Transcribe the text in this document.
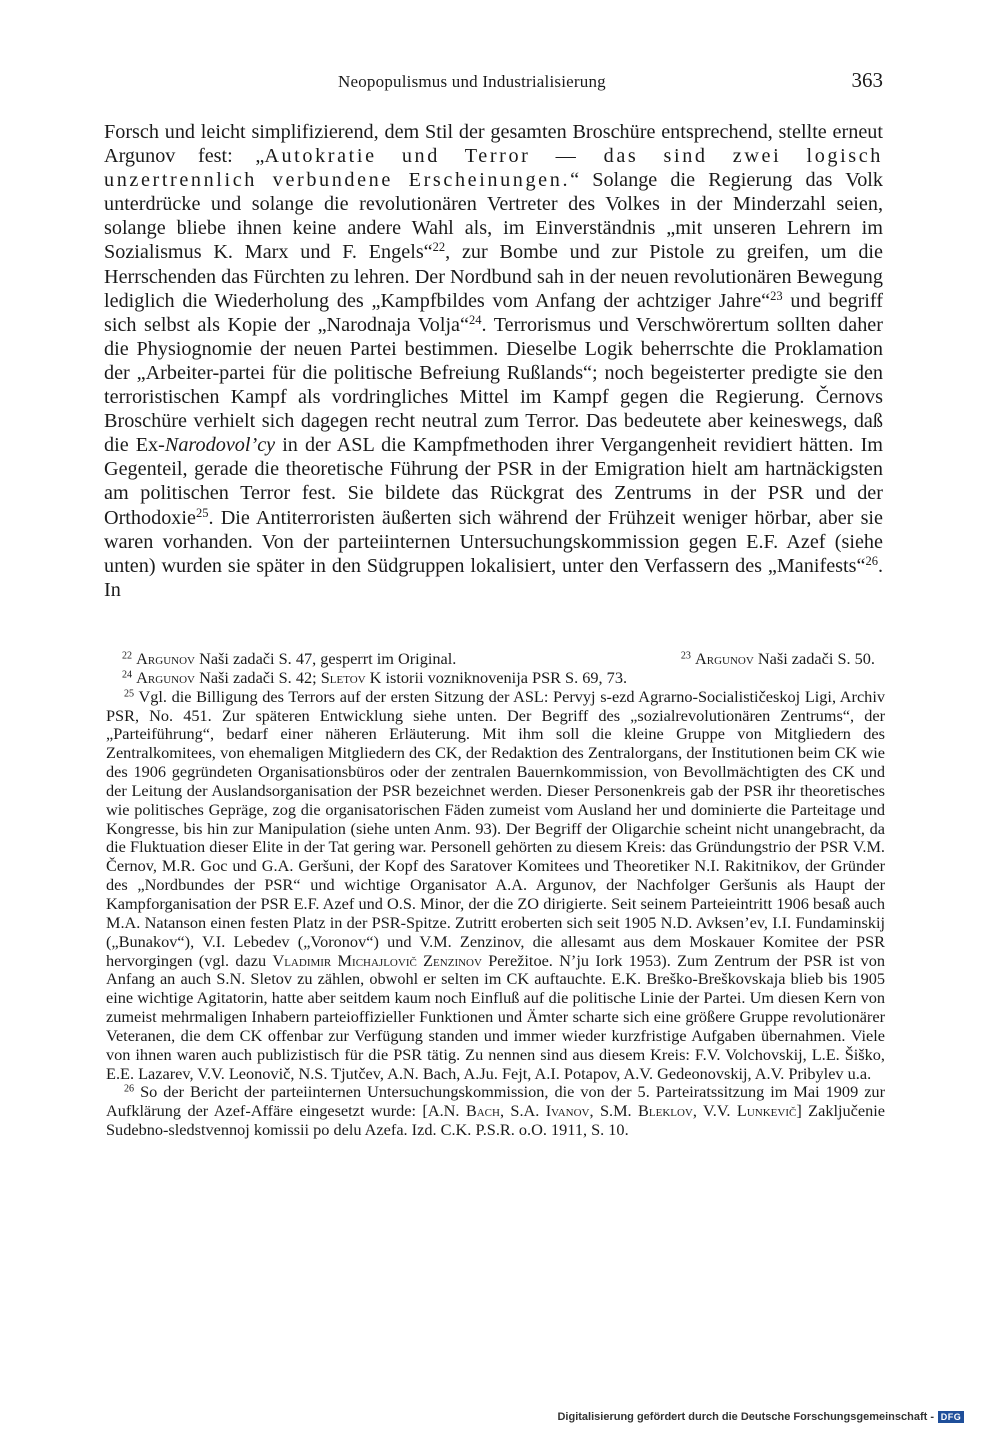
Neopopulismus und Industrialisierung	363

Forsch und leicht simplifizierend, dem Stil der gesamten Broschüre entsprechend, stellte erneut Argunov fest: „Autokratie und Terror — das sind zwei logisch unzertrennlich verbundene Erscheinungen.“ Solange die Regierung das Volk unterdrücke und solange die revolutionären Vertreter des Volkes in der Minderzahl seien, solange bliebe ihnen keine andere Wahl als, im Einverständnis „mit unseren Lehrern im Sozialismus K. Marx und F. Engels“$^{22}$, zur Bombe und zur Pistole zu greifen, um die Herrschenden das Fürchten zu lehren. Der Nordbund sah in der neuen revolutionären Bewegung lediglich die Wiederholung des „Kampfbildes vom Anfang der achtziger Jahre“$^{23}$ und begriff sich selbst als Kopie der „Narodnaja Volja“$^{24}$. Terrorismus und Verschwörertum sollten daher die Physiognomie der neuen Partei bestimmen. Dieselbe Logik beherrschte die Proklamation der „Arbeiter-partei für die politische Befreiung Rußlands“; noch begeisterter predigte sie den terroristischen Kampf als vordringliches Mittel im Kampf gegen die Regierung. Černovs Broschüre verhielt sich dagegen recht neutral zum Terror. Das bedeutete aber keineswegs, daß die Ex-Narodovol’cy in der ASL die Kampfmethoden ihrer Vergangenheit revidiert hätten. Im Gegenteil, gerade die theoretische Führung der PSR in der Emigration hielt am hartnäckigsten am politischen Terror fest. Sie bildete das Rückgrat des Zentrums in der PSR und der Orthodoxie$^{25}$. Die Antiterroristen äußerten sich während der Frühzeit weniger hörbar, aber sie waren vorhanden. Von der parteiinternen Untersuchungskommission gegen E.F. Azef (siehe unten) wurden sie später in den Südgruppen lokalisiert, unter den Verfassern des „Manifests“$^{26}$. In

$^{22}$ Argunov Naši zadači S. 47, gesperrt im Original.	$^{23}$ Argunov Naši zadači S. 50.

$^{24}$ Argunov Naši zadači S. 42; Sletov K istorii vozniknovenija PSR S. 69, 73.

$^{25}$ Vgl. die Billigung des Terrors auf der ersten Sitzung der ASL: Pervyj s-ezd Agrarno-Socialističeskoj Ligi, Archiv PSR, No. 451. Zur späteren Entwicklung siehe unten. Der Begriff des „sozialrevolutionären Zentrums“, der „Parteiführung“, bedarf einer näheren Erläuterung. Mit ihm soll die kleine Gruppe von Mitgliedern des Zentralkomitees, von ehemaligen Mitgliedern des CK, der Redaktion des Zentralorgans, der Institutionen beim CK wie des 1906 gegründeten Organisationsbüros oder der zentralen Bauernkommission, von Bevollmächtigten des CK und der Leitung der Auslandsorganisation der PSR bezeichnet werden. Dieser Personenkreis gab der PSR ihr theoretisches wie politisches Gepräge, zog die organisatorischen Fäden zumeist vom Ausland her und dominierte die Parteitage und Kongresse, bis hin zur Manipulation (siehe unten Anm. 93). Der Begriff der Oligarchie scheint nicht unangebracht, da die Fluktuation dieser Elite in der Tat gering war. Personell gehörten zu diesem Kreis: das Gründungstrio der PSR V.M. Černov, M.R. Goc und G.A. Geršuni, der Kopf des Saratover Komitees und Theoretiker N.I. Rakitnikov, der Gründer des „Nordbundes der PSR“ und wichtige Organisator A.A. Argunov, der Nachfolger Geršunis als Haupt der Kampforganisation der PSR E.F. Azef und O.S. Minor, der die ZO dirigierte. Seit seinem Parteieintritt 1906 besaß auch M.A. Natanson einen festen Platz in der PSR-Spitze. Zutritt eroberten sich seit 1905 N.D. Avksen’ev, I.I. Fundaminskij („Bunakov“), V.I. Lebedev („Voronov“) und V.M. Zenzinov, die allesamt aus dem Moskauer Komitee der PSR hervorgingen (vgl. dazu Vladimir Michajlovič Zenzinov Perežitoe. N’ju Iork 1953). Zum Zentrum der PSR ist von Anfang an auch S.N. Sletov zu zählen, obwohl er selten im CK auftauchte. E.K. Breško-Breškovskaja blieb bis 1905 eine wichtige Agitatorin, hatte aber seitdem kaum noch Einfluß auf die politische Linie der Partei. Um diesen Kern von zumeist mehrmaligen Inhabern parteioffizieller Funktionen und Ämter scharte sich eine größere Gruppe revolutionärer Veteranen, die dem CK offenbar zur Verfügung standen und immer wieder kurzfristige Aufgaben übernahmen. Viele von ihnen waren auch publizistisch für die PSR tätig. Zu nennen sind aus diesem Kreis: F.V. Volchovskij, L.E. Šiško, E.E. Lazarev, V.V. Leonovič, N.S. Tjutčev, A.N. Bach, A.Ju. Fejt, A.I. Potapov, A.V. Gedeonovskij, A.V. Pribylev u.a.

$^{26}$ So der Bericht der parteiinternen Untersuchungskommission, die von der 5. Parteiratssitzung im Mai 1909 zur Aufklärung der Azef-Affäre eingesetzt wurde: [A.N. Bach, S.A. Ivanov, S.M. Bleklov, V.V. Lunkevič] Zaključenie Sudebno-sledstvennoj komissii po delu Azefa. Izd. C.K. P.S.R. o.O. 1911, S. 10.

Digitalisierung gefördert durch die Deutsche Forschungsgemeinschaft - DFG
